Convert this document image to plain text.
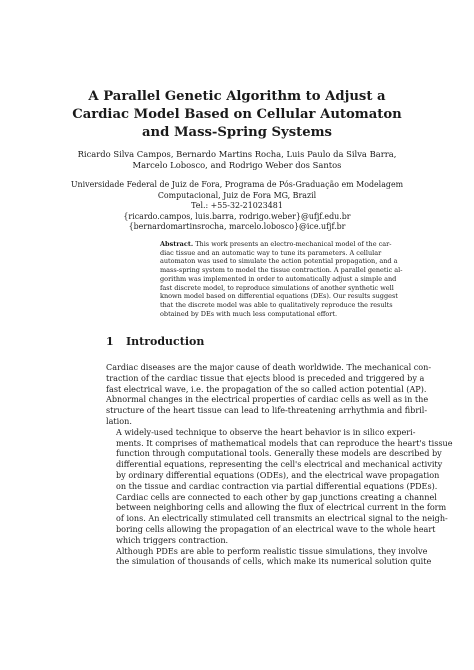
A Parallel Genetic Algorithm to Adjust a
Cardiac Model Based on Cellular Automaton
and Mass-Spring Systems
Ricardo Silva Campos, Bernardo Martins Rocha, Luis Paulo da Silva Barra,
Marcelo Lobosco, and Rodrigo Weber dos Santos
Universidade Federal de Juiz de Fora, Programa de Pós-Graduação em Modelagem
Computacional, Juiz de Fora MG, Brazil
Tel.: +55-32-21023481
{ricardo.campos, luis.barra, rodrigo.weber}@ufjf.edu.br
{bernardomartinsrocha, marcelo.lobosco}@ice.ufjf.br
Abstract. This work presents an electro-mechanical model of the car-
diac tissue and an automatic way to tune its parameters. A cellular
automaton was used to simulate the action potential propagation, and a
mass-spring system to model the tissue contraction. A parallel genetic al-
gorithm was implemented in order to automatically adjust a simple and
fast discrete model, to reproduce simulations of another synthetic well
known model based on differential equations (DEs). Our results suggest
that the discrete model was able to qualitatively reproduce the results
obtained by DEs with much less computational effort.
1 Introduction

Cardiac diseases are the major cause of death worldwide. The mechanical con-
traction of the cardiac tissue that ejects blood is preceded and triggered by a
fast electrical wave, i.e. the propagation of the so called action potential (AP).
Abnormal changes in the electrical properties of cardiac cells as well as in the
structure of the heart tissue can lead to life-threatening arrhythmia and fibril-
lation.

A widely-used technique to observe the heart behavior is in silico experi-
ments. It comprises of mathematical models that can reproduce the heart's tissue
function through computational tools. Generally these models are described by
differential equations, representing the cell's electrical and mechanical activity
by ordinary differential equations (ODEs), and the electrical wave propagation
on the tissue and cardiac contraction via partial differential equations (PDEs).
Cardiac cells are connected to each other by gap junctions creating a channel
between neighboring cells and allowing the flux of electrical current in the form
of ions. An electrically stimulated cell transmits an electrical signal to the neigh-
boring cells allowing the propagation of an electrical wave to the whole heart
which triggers contraction.

Although PDEs are able to perform realistic tissue simulations, they involve
the simulation of thousands of cells, which make its numerical solution quite
